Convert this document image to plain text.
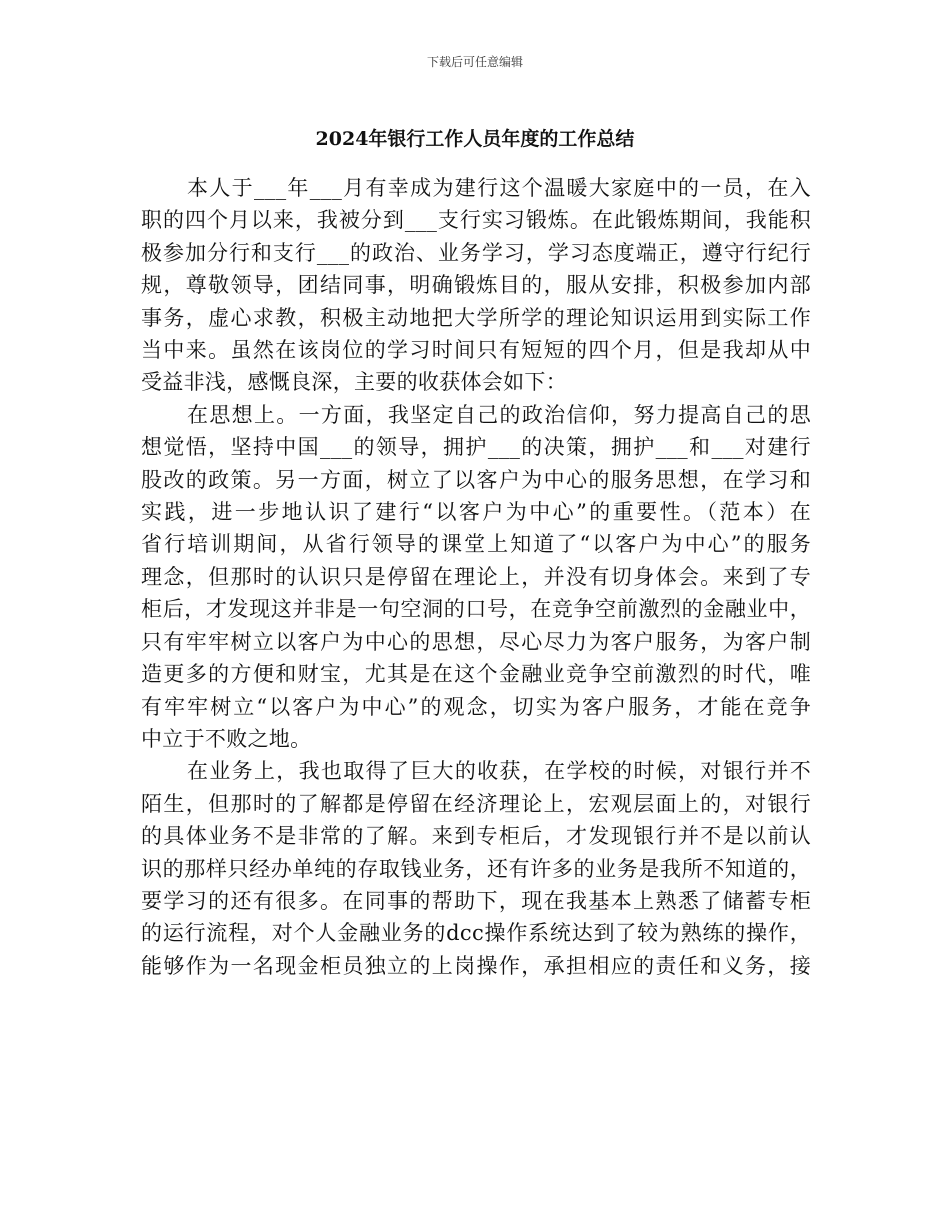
下载后可任意编辑
2024年银行工作人员年度的工作总结
本人于___年___月有幸成为建行这个温暖大家庭中的一员，在入
职的四个月以来，我被分到___支行实习锻炼。在此锻炼期间，我能积
极参加分行和支行___的政治、业务学习，学习态度端正，遵守行纪行
规，尊敬领导，团结同事，明确锻炼目的，服从安排，积极参加内部
事务，虚心求教，积极主动地把大学所学的理论知识运用到实际工作
当中来。虽然在该岗位的学习时间只有短短的四个月，但是我却从中
受益非浅，感慨良深，主要的收获体会如下：
在思想上。一方面，我坚定自己的政治信仰，努力提高自己的思
想觉悟，坚持中国___的领导，拥护___的决策，拥护___和___对建行
股改的政策。另一方面，树立了以客户为中心的服务思想，在学习和
实践，进一步地认识了建行“以客户为中心”的重要性。（范本）在
省行培训期间，从省行领导的课堂上知道了“以客户为中心”的服务
理念，但那时的认识只是停留在理论上，并没有切身体会。来到了专
柜后，才发现这并非是一句空洞的口号，在竞争空前激烈的金融业中，
只有牢牢树立以客户为中心的思想，尽心尽力为客户服务，为客户制
造更多的方便和财宝，尤其是在这个金融业竞争空前激烈的时代，唯
有牢牢树立“以客户为中心”的观念，切实为客户服务，才能在竞争
中立于不败之地。
在业务上，我也取得了巨大的收获，在学校的时候，对银行并不
陌生，但那时的了解都是停留在经济理论上，宏观层面上的，对银行
的具体业务不是非常的了解。来到专柜后，才发现银行并不是以前认
识的那样只经办单纯的存取钱业务，还有许多的业务是我所不知道的，
要学习的还有很多。在同事的帮助下，现在我基本上熟悉了储蓄专柜
的运行流程，对个人金融业务的dcc操作系统达到了较为熟练的操作，
能够作为一名现金柜员独立的上岗操作，承担相应的责任和义务，接
